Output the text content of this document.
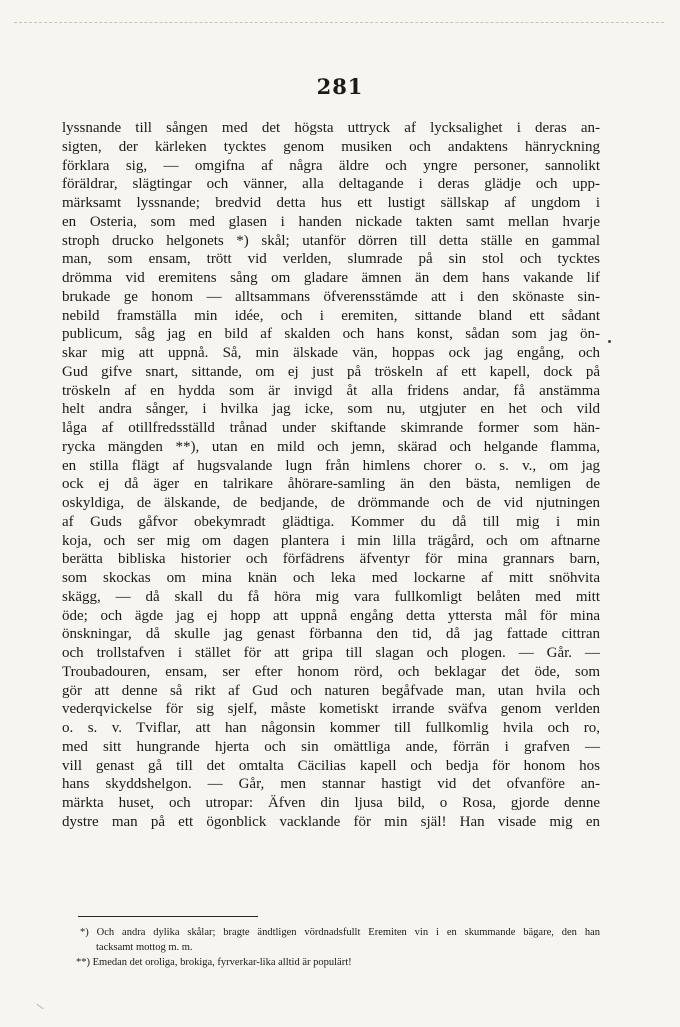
281
lyssnande till sången med det högsta uttryck af lycksalighet i deras an-
sigten, der kärleken tycktes genom musiken och andaktens hänryckning
förklara sig, — omgifna af några äldre och yngre personer, sannolikt
föräldrar, slägtingar och vänner, alla deltagande i deras glädje och upp-
märksamt lyssnande; bredvid detta hus ett lustigt sällskap af ungdom i
en Osteria, som med glasen i handen nickade takten samt mellan hvarje
stroph drucko helgonets *) skål; utanför dörren till detta ställe en gammal
man, som ensam, trött vid verlden, slumrade på sin stol och tycktes
drömma vid eremitens sång om gladare ämnen än dem hans vakande lif
brukade ge honom — alltsammans öfverensstämde att i den skönaste sin-
nebild framställa min idée, och i eremiten, sittande bland ett sådant
publicum, såg jag en bild af skalden och hans konst, sådan som jag ön-
skar mig att uppnå. Så, min älskade vän, hoppas ock jag engång, och
Gud gifve snart, sittande, om ej just på tröskeln af ett kapell, dock på
tröskeln af en hydda som är invigd åt alla fridens andar, få anstämma
helt andra sånger, i hvilka jag icke, som nu, utgjuter en het och vild
låga af otillfredsställd trånad under skiftande skimrande former som hän-
rycka mängden **), utan en mild och jemn, skärad och helgande flamma,
en stilla flägt af hugsvalande lugn från himlens chorer o. s. v., om jag
ock ej då äger en talrikare åhörare-samling än den bästa, nemligen de
oskyldiga, de älskande, de bedjande, de drömmande och de vid njutningen
af Guds gåfvor obekymradt glädtiga. Kommer du då till mig i min
koja, och ser mig om dagen plantera i min lilla trägård, och om aftnarne
berätta bibliska historier och förfädrens äfventyr för mina grannars barn,
som skockas om mina knän och leka med lockarne af mitt snöhvita
skägg, — då skall du få höra mig vara fullkomligt belåten med mitt
öde; och ägde jag ej hopp att uppnå engång detta yttersta mål för mina
önskningar, då skulle jag genast förbanna den tid, då jag fattade cittran
och trollstafven i stället för att gripa till slagan och plogen. — Går. —
Troubadouren, ensam, ser efter honom rörd, och beklagar det öde, som
gör att denne så rikt af Gud och naturen begåfvade man, utan hvila och
vederqvickelse för sig sjelf, måste kometiskt irrande sväfva genom verlden
o. s. v. Tviflar, att han någonsin kommer till fullkomlig hvila och ro,
med sitt hungrande hjerta och sin omättliga ande, förrän i grafven —
vill genast gå till det omtalta Cäcilias kapell och bedja för honom hos
hans skyddshelgon. — Går, men stannar hastigt vid det ofvanföre an-
märkta huset, och utropar: Äfven din ljusa bild, o Rosa, gjorde denne
dystre man på ett ögonblick vacklande för min själ! Han visade mig en
*) Och andra dylika skålar; bragte ändtligen vördnadsfullt Eremiten vin i en skummande bägare, den han
tacksamt mottog m. m.
**) Emedan det oroliga, brokiga, fyrverkar-lika alltid är populärt!
